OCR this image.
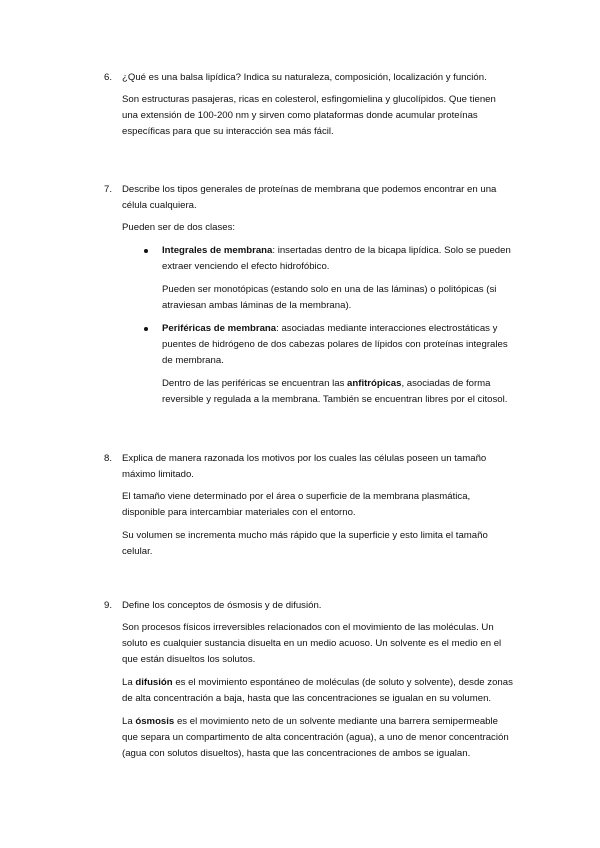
6. ¿Qué es una balsa lipídica? Indica su naturaleza, composición, localización y función.

Son estructuras pasajeras, ricas en colesterol, esfingomielina y glucolípidos. Que tienen una extensión de 100-200 nm y sirven como plataformas donde acumular proteínas específicas para que su interacción sea más fácil.

7. Describe los tipos generales de proteínas de membrana que podemos encontrar en una célula cualquiera.

Pueden ser de dos clases:

Integrales de membrana: insertadas dentro de la bicapa lipídica. Solo se pueden extraer venciendo el efecto hidrofóbico.

Pueden ser monotópicas (estando solo en una de las láminas) o politópicas (si atraviesan ambas láminas de la membrana).

Periféricas de membrana: asociadas mediante interacciones electrostáticas y puentes de hidrógeno de dos cabezas polares de lípidos con proteínas integrales de membrana.

Dentro de las periféricas se encuentran las anfitrópicas, asociadas de forma reversible y regulada a la membrana. También se encuentran libres por el citosol.

8. Explica de manera razonada los motivos por los cuales las células poseen un tamaño máximo limitado.

El tamaño viene determinado por el área o superficie de la membrana plasmática, disponible para intercambiar materiales con el entorno.

Su volumen se incrementa mucho más rápido que la superficie y esto limita el tamaño celular.

9. Define los conceptos de ósmosis y de difusión.

Son procesos físicos irreversibles relacionados con el movimiento de las moléculas. Un soluto es cualquier sustancia disuelta en un medio acuoso. Un solvente es el medio en el que están disueltos los solutos.

La difusión es el movimiento espontáneo de moléculas (de soluto y solvente), desde zonas de alta concentración a baja, hasta que las concentraciones se igualan en su volumen.

La ósmosis es el movimiento neto de un solvente mediante una barrera semipermeable que separa un compartimento de alta concentración (agua), a uno de menor concentración (agua con solutos disueltos), hasta que las concentraciones de ambos se igualan.
